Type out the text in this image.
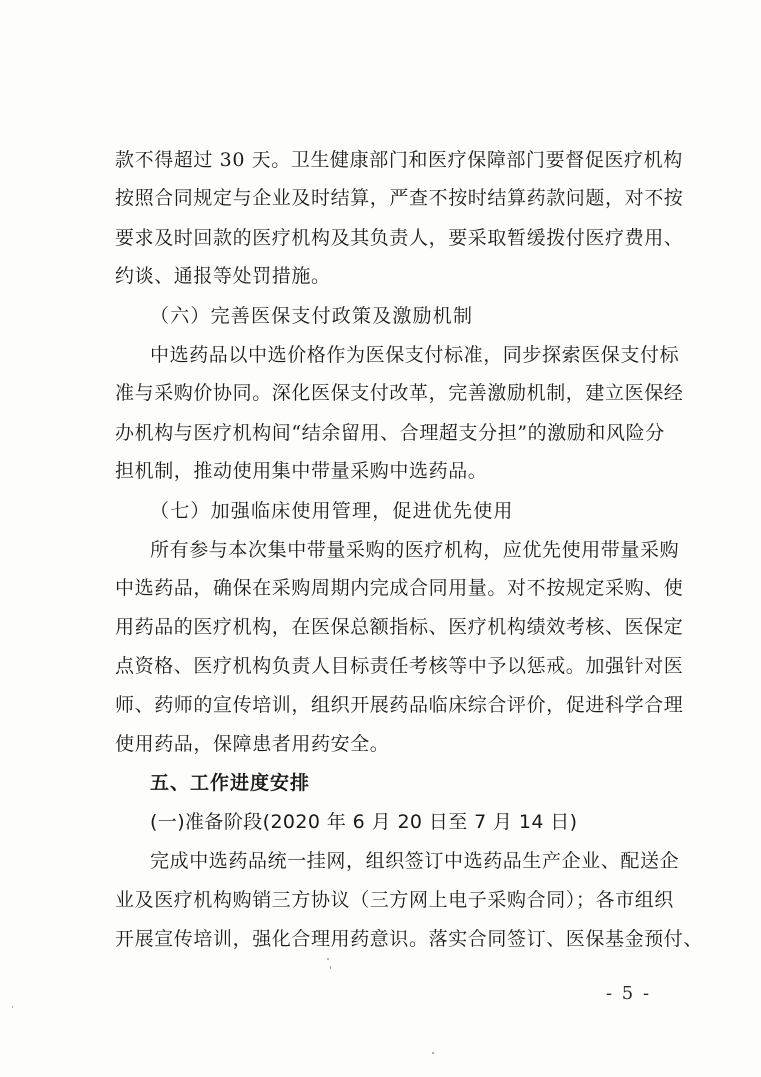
款不得超过 30 天。卫生健康部门和医疗保障部门要督促医疗机构
按照合同规定与企业及时结算，严查不按时结算药款问题，对不按
要求及时回款的医疗机构及其负责人，要采取暂缓拨付医疗费用、
约谈、通报等处罚措施。
（六）完善医保支付政策及激励机制
中选药品以中选价格作为医保支付标准，同步探索医保支付标
准与采购价协同。深化医保支付改革，完善激励机制，建立医保经
办机构与医疗机构间“结余留用、合理超支分担”的激励和风险分
担机制，推动使用集中带量采购中选药品。
（七）加强临床使用管理，促进优先使用
所有参与本次集中带量采购的医疗机构，应优先使用带量采购
中选药品，确保在采购周期内完成合同用量。对不按规定采购、使
用药品的医疗机构，在医保总额指标、医疗机构绩效考核、医保定
点资格、医疗机构负责人目标责任考核等中予以惩戒。加强针对医
师、药师的宣传培训，组织开展药品临床综合评价，促进科学合理
使用药品，保障患者用药安全。
五、工作进度安排
(一)准备阶段(2020 年 6 月 20 日至 7 月 14 日)
完成中选药品统一挂网，组织签订中选药品生产企业、配送企
业及医疗机构购销三方协议（三方网上电子采购合同）；各市组织
开展宣传培训，强化合理用药意识。落实合同签订、医保基金预付、
- 5 -
